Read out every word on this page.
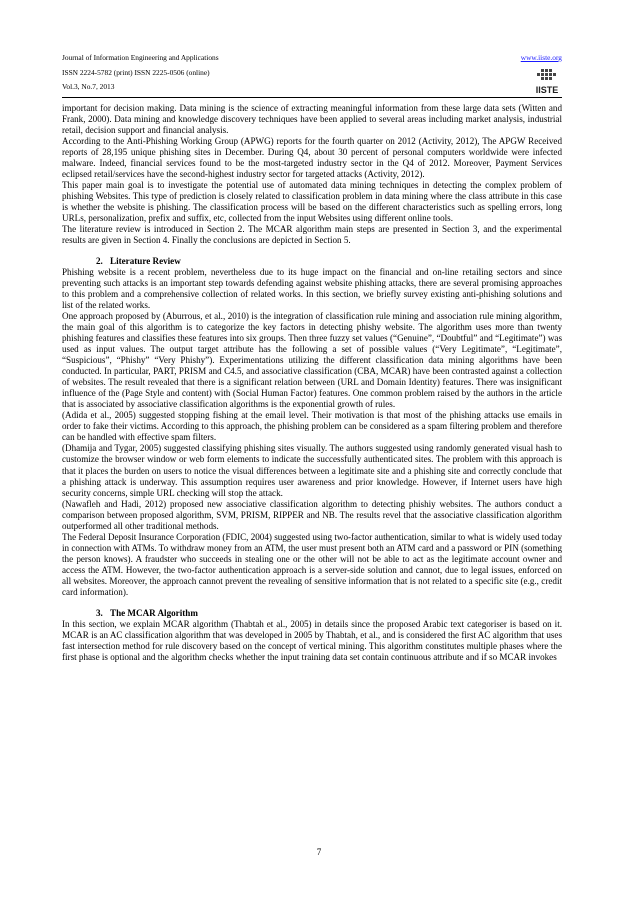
Journal of Information Engineering and Applications
ISSN 2224-5782 (print) ISSN 2225-0506 (online)
Vol.3, No.7, 2013
www.iiste.org
IISTE

important for decision making. Data mining is the science of extracting meaningful information from these large data sets (Witten and Frank, 2000). Data mining and knowledge discovery techniques have been applied to several areas including market analysis, industrial retail, decision support and financial analysis.

According to the Anti-Phishing Working Group (APWG) reports for the fourth quarter on 2012 (Activity, 2012), The APGW Received reports of 28,195 unique phishing sites in December. During Q4, about 30 percent of personal computers worldwide were infected malware. Indeed, financial services found to be the most-targeted industry sector in the Q4 of 2012. Moreover, Payment Services eclipsed retail/services have the second-highest industry sector for targeted attacks (Activity, 2012).

This paper main goal is to investigate the potential use of automated data mining techniques in detecting the complex problem of phishing Websites. This type of prediction is closely related to classification problem in data mining where the class attribute in this case is whether the website is phishing. The classification process will be based on the different characteristics such as spelling errors, long URLs, personalization, prefix and suffix, etc, collected from the input Websites using different online tools.

The literature review is introduced in Section 2. The MCAR algorithm main steps are presented in Section 3, and the experimental results are given in Section 4. Finally the conclusions are depicted in Section 5.

2. Literature Review

Phishing website is a recent problem, nevertheless due to its huge impact on the financial and on-line retailing sectors and since preventing such attacks is an important step towards defending against website phishing attacks, there are several promising approaches to this problem and a comprehensive collection of related works. In this section, we briefly survey existing anti-phishing solutions and list of the related works.

One approach proposed by (Aburrous, et al., 2010) is the integration of classification rule mining and association rule mining algorithm, the main goal of this algorithm is to categorize the key factors in detecting phishy website. The algorithm uses more than twenty phishing features and classifies these features into six groups. Then three fuzzy set values (“Genuine”, “Doubtful” and “Legitimate”) was used as input values. The output target attribute has the following a set of possible values (“Very Legitimate”, “Legitimate”, “Suspicious”, “Phishy” “Very Phishy”). Experimentations utilizing the different classification data mining algorithms have been conducted. In particular, PART, PRISM and C4.5, and associative classification (CBA, MCAR) have been contrasted against a collection of websites. The result revealed that there is a significant relation between (URL and Domain Identity) features. There was insignificant influence of the (Page Style and content) with (Social Human Factor) features. One common problem raised by the authors in the article that is associated by associative classification algorithms is the exponential growth of rules.

(Adida et al., 2005) suggested stopping fishing at the email level. Their motivation is that most of the phishing attacks use emails in order to fake their victims. According to this approach, the phishing problem can be considered as a spam filtering problem and therefore can be handled with effective spam filters.

(Dhamija and Tygar, 2005) suggested classifying phishing sites visually. The authors suggested using randomly generated visual hash to customize the browser window or web form elements to indicate the successfully authenticated sites. The problem with this approach is that it places the burden on users to notice the visual differences between a legitimate site and a phishing site and correctly conclude that a phishing attack is underway. This assumption requires user awareness and prior knowledge. However, if Internet users have high security concerns, simple URL checking will stop the attack.

(Nawafleh and Hadi, 2012) proposed new associative classification algorithm to detecting phishiy websites. The authors conduct a comparison between proposed algorithm, SVM, PRISM, RIPPER and NB. The results revel that the associative classification algorithm outperformed all other traditional methods.

The Federal Deposit Insurance Corporation (FDIC, 2004) suggested using two-factor authentication, similar to what is widely used today in connection with ATMs. To withdraw money from an ATM, the user must present both an ATM card and a password or PIN (something the person knows). A fraudster who succeeds in stealing one or the other will not be able to act as the legitimate account owner and access the ATM. However, the two-factor authentication approach is a server-side solution and cannot, due to legal issues, enforced on all websites. Moreover, the approach cannot prevent the revealing of sensitive information that is not related to a specific site (e.g., credit card information).

3. The MCAR Algorithm

In this section, we explain MCAR algorithm (Thabtah et al., 2005) in details since the proposed Arabic text categoriser is based on it. MCAR is an AC classification algorithm that was developed in 2005 by Thabtah, et al., and is considered the first AC algorithm that uses fast intersection method for rule discovery based on the concept of vertical mining. This algorithm constitutes multiple phases where the first phase is optional and the algorithm checks whether the input training data set contain continuous attribute and if so MCAR invokes

7
